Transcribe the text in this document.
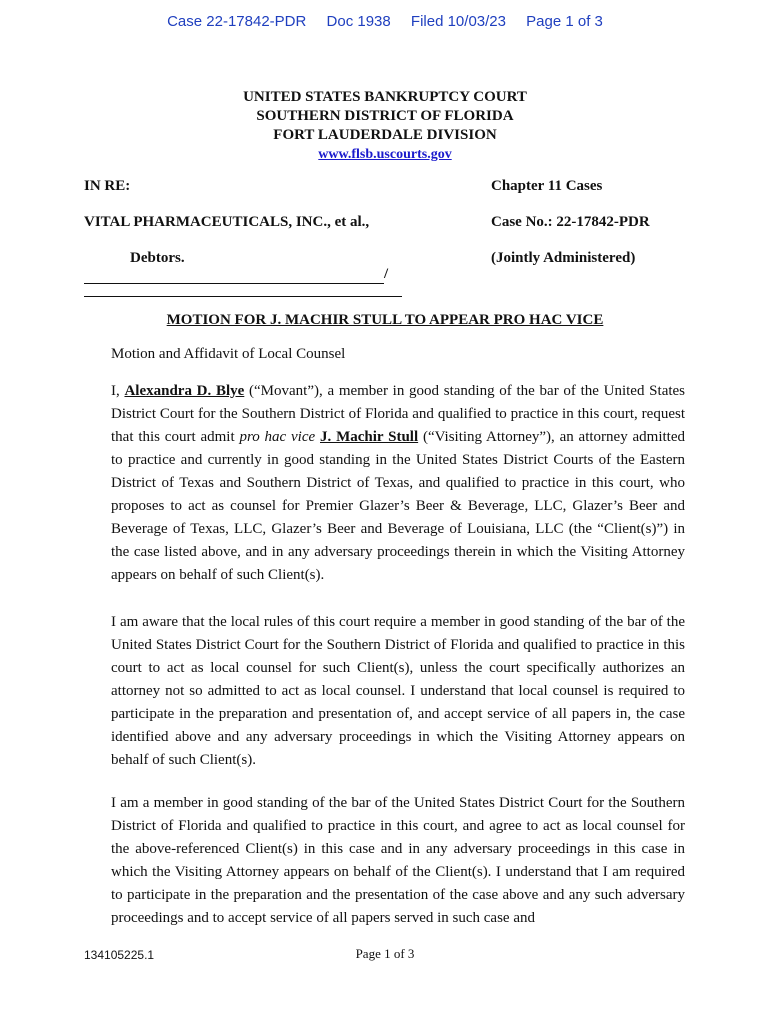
Case 22-17842-PDR Doc 1938 Filed 10/03/23 Page 1 of 3
UNITED STATES BANKRUPTCY COURT
SOUTHERN DISTRICT OF FLORIDA
FORT LAUDERDALE DIVISION
www.flsb.uscourts.gov
IN RE:	Chapter 11 Cases
VITAL PHARMACEUTICALS, INC., et al.,	Case No.: 22-17842-PDR
Debtors.	(Jointly Administered)
/
MOTION FOR J. MACHIR STULL TO APPEAR PRO HAC VICE
Motion and Affidavit of Local Counsel

I, Alexandra D. Blye (“Movant”), a member in good standing of the bar of the United States District Court for the Southern District of Florida and qualified to practice in this court, request that this court admit pro hac vice J. Machir Stull (“Visiting Attorney”), an attorney admitted to practice and currently in good standing in the United States District Courts of the Eastern District of Texas and Southern District of Texas, and qualified to practice in this court, who proposes to act as counsel for Premier Glazer’s Beer & Beverage, LLC, Glazer’s Beer and Beverage of Texas, LLC, Glazer’s Beer and Beverage of Louisiana, LLC (the “Client(s)”) in the case listed above, and in any adversary proceedings therein in which the Visiting Attorney appears on behalf of such Client(s).

I am aware that the local rules of this court require a member in good standing of the bar of the United States District Court for the Southern District of Florida and qualified to practice in this court to act as local counsel for such Client(s), unless the court specifically authorizes an attorney not so admitted to act as local counsel. I understand that local counsel is required to participate in the preparation and presentation of, and accept service of all papers in, the case identified above and any adversary proceedings in which the Visiting Attorney appears on behalf of such Client(s).

I am a member in good standing of the bar of the United States District Court for the Southern District of Florida and qualified to practice in this court, and agree to act as local counsel for the above-referenced Client(s) in this case and in any adversary proceedings in this case in which the Visiting Attorney appears on behalf of the Client(s). I understand that I am required to participate in the preparation and the presentation of the case above and any such adversary proceedings and to accept service of all papers served in such case and

134105225.1	Page 1 of 3
